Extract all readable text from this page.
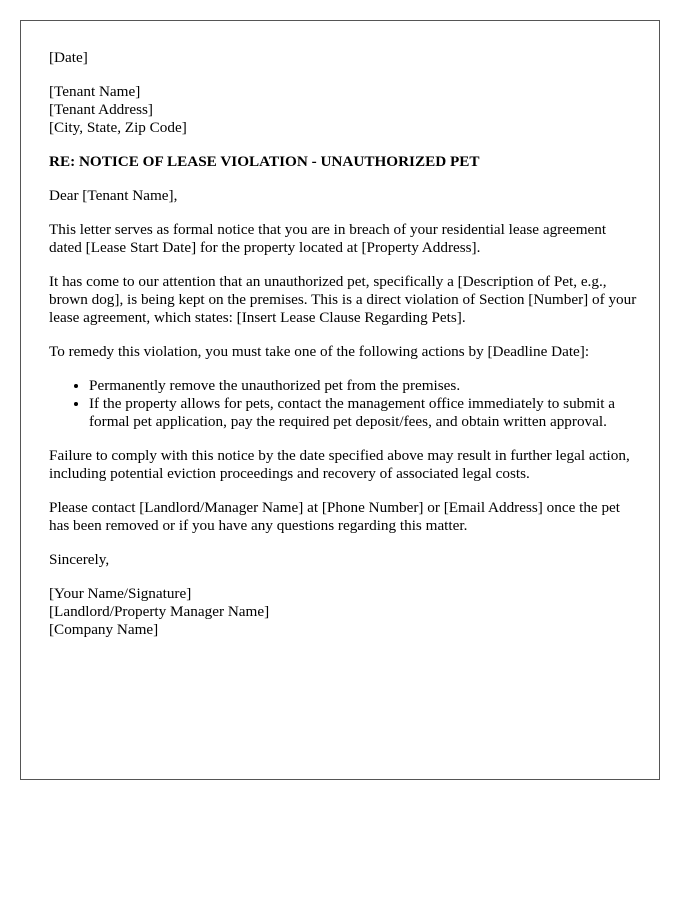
[Date]
[Tenant Name]
[Tenant Address]
[City, State, Zip Code]
RE: NOTICE OF LEASE VIOLATION - UNAUTHORIZED PET

Dear [Tenant Name],

This letter serves as formal notice that you are in breach of your residential lease agreement dated [Lease Start Date] for the property located at [Property Address].

It has come to our attention that an unauthorized pet, specifically a [Description of Pet, e.g., brown dog], is being kept on the premises. This is a direct violation of Section [Number] of your lease agreement, which states: [Insert Lease Clause Regarding Pets].

To remedy this violation, you must take one of the following actions by [Deadline Date]:

• Permanently remove the unauthorized pet from the premises.
• If the property allows for pets, contact the management office immediately to submit a formal pet application, pay the required pet deposit/fees, and obtain written approval.

Failure to comply with this notice by the date specified above may result in further legal action, including potential eviction proceedings and recovery of associated legal costs.

Please contact [Landlord/Manager Name] at [Phone Number] or [Email Address] once the pet has been removed or if you have any questions regarding this matter.

Sincerely,

[Your Name/Signature]
[Landlord/Property Manager Name]
[Company Name]
